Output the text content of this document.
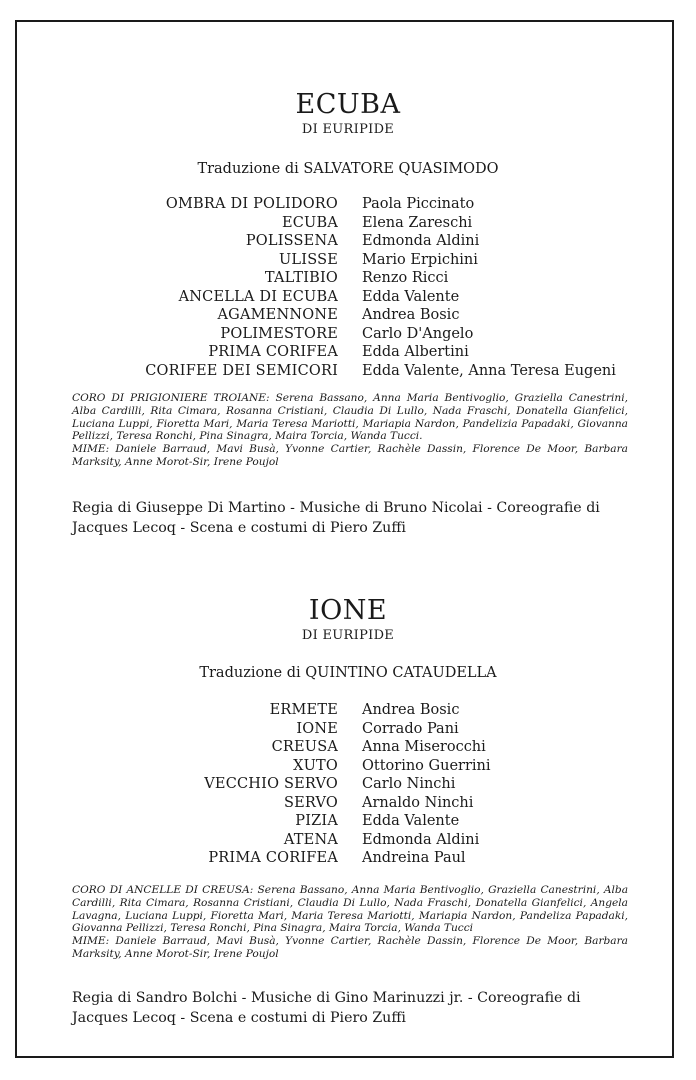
ECUBA
DI EURIPIDE

Traduzione di SALVATORE QUASIMODO

OMBRA DI POLIDORO Paola Piccinato
ECUBA Elena Zareschi
POLISSENA Edmonda Aldini
ULISSE Mario Erpichini
TALTIBIO Renzo Ricci
ANCELLA DI ECUBA Edda Valente
AGAMENNONE Andrea Bosic
POLIMESTORE Carlo D'Angelo
PRIMA CORIFEA Edda Albertini
CORIFEE DEI SEMICORI Edda Valente, Anna Teresa Eugeni

CORO DI PRIGIONIERE TROIANE: Serena Bassano, Anna Maria Bentivoglio, Graziella Canestrini, Alba Cardilli, Rita Cimara, Rosanna Cristiani, Claudia Di Lullo, Nada Fraschi, Donatella Gianfelici, Luciana Luppi, Fioretta Mari, Maria Teresa Mariotti, Mariapia Nardon, Pandelizia Papadaki, Giovanna Pellizzi, Teresa Ronchi, Pina Sinagra, Maira Torcia, Wanda Tucci.

MIME: Daniele Barraud, Mavi Busà, Yvonne Cartier, Rachèle Dassin, Florence De Moor, Barbara Marksity, Anne Morot-Sir, Irene Poujol

Regia di Giuseppe Di Martino - Musiche di Bruno Nicolai - Coreografie di Jacques Lecoq - Scena e costumi di Piero Zuffi

IONE
DI EURIPIDE

Traduzione di QUINTINO CATAUDELLA

ERMETE Andrea Bosic
IONE Corrado Pani
CREUSA Anna Miserocchi
XUTO Ottorino Guerrini
VECCHIO SERVO Carlo Ninchi
SERVO Arnaldo Ninchi
PIZIA Edda Valente
ATENA Edmonda Aldini
PRIMA CORIFEA Andreina Paul

CORO DI ANCELLE DI CREUSA: Serena Bassano, Anna Maria Bentivoglio, Graziella Canestrini, Alba Cardilli, Rita Cimara, Rosanna Cristiani, Claudia Di Lullo, Nada Fraschi, Donatella Gianfelici, Angela Lavagna, Luciana Luppi, Fioretta Mari, Maria Teresa Mariotti, Mariapia Nardon, Pandeliza Papadaki, Giovanna Pellizzi, Teresa Ronchi, Pina Sinagra, Maira Torcia, Wanda Tucci

MIME: Daniele Barraud, Mavi Busà, Yvonne Cartier, Rachèle Dassin, Florence De Moor, Barbara Marksity, Anne Morot-Sir, Irene Poujol

Regia di Sandro Bolchi - Musiche di Gino Marinuzzi jr. - Coreografie di Jacques Lecoq - Scena e costumi di Piero Zuffi
